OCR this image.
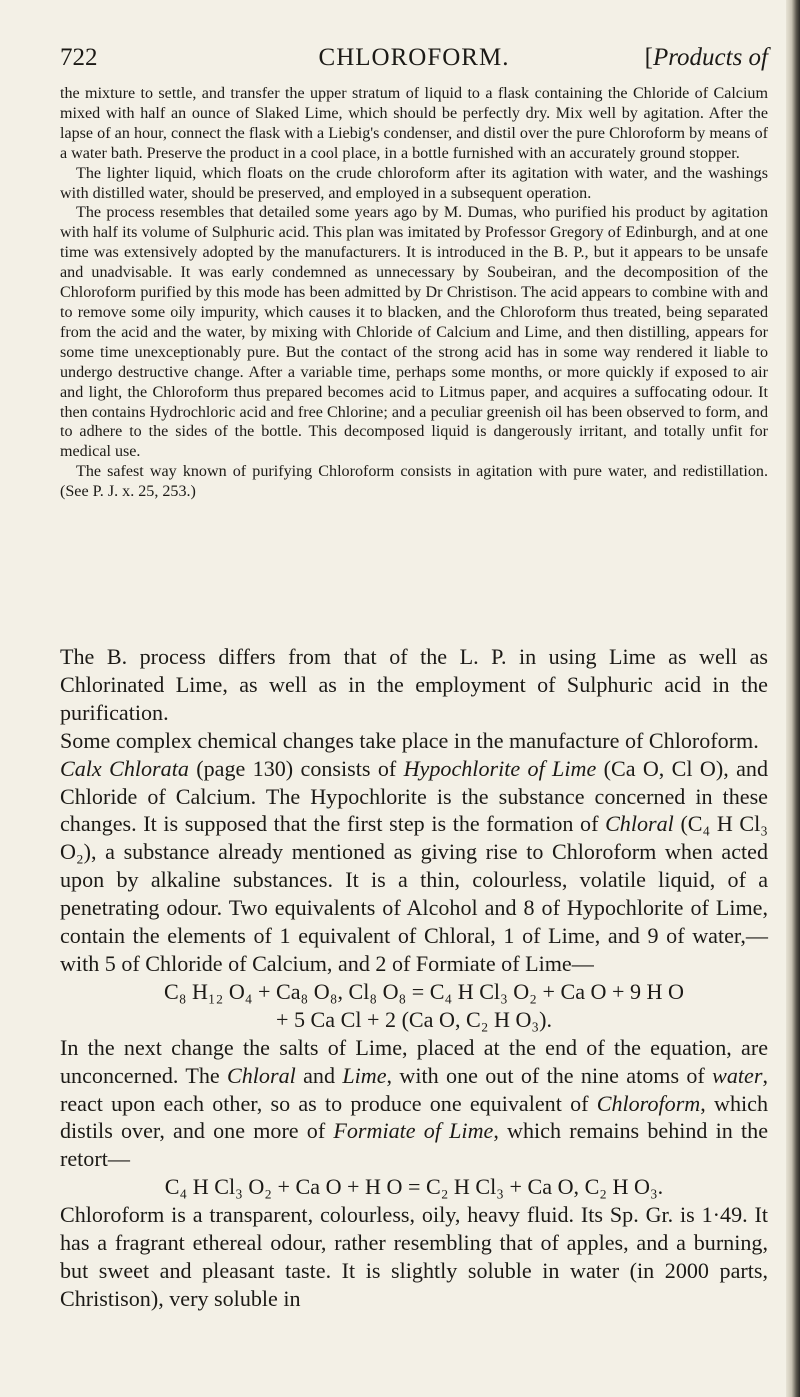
722	CHLOROFORM.	[Products of

the mixture to settle, and transfer the upper stratum of liquid to a flask containing the Chloride of Calcium mixed with half an ounce of Slaked Lime, which should be perfectly dry. Mix well by agitation. After the lapse of an hour, connect the flask with a Liebig's condenser, and distil over the pure Chloroform by means of a water bath. Preserve the product in a cool place, in a bottle furnished with an accurately ground stopper.

The lighter liquid, which floats on the crude chloroform after its agitation with water, and the washings with distilled water, should be preserved, and employed in a subsequent operation.

The process resembles that detailed some years ago by M. Dumas, who purified his product by agitation with half its volume of Sulphuric acid. This plan was imitated by Professor Gregory of Edinburgh, and at one time was extensively adopted by the manufacturers. It is introduced in the B. P., but it appears to be unsafe and unadvisable. It was early condemned as unnecessary by Soubeiran, and the decomposition of the Chloroform purified by this mode has been admitted by Dr Christison. The acid appears to combine with and to remove some oily impurity, which causes it to blacken, and the Chloroform thus treated, being separated from the acid and the water, by mixing with Chloride of Calcium and Lime, and then distilling, appears for some time unexceptionably pure. But the contact of the strong acid has in some way rendered it liable to undergo destructive change. After a variable time, perhaps some months, or more quickly if exposed to air and light, the Chloroform thus prepared becomes acid to Litmus paper, and acquires a suffocating odour. It then contains Hydrochloric acid and free Chlorine; and a peculiar greenish oil has been observed to form, and to adhere to the sides of the bottle. This decomposed liquid is dangerously irritant, and totally unfit for medical use.

The safest way known of purifying Chloroform consists in agitation with pure water, and redistillation. (See P. J. x. 25, 253.)

The B. process differs from that of the L. P. in using Lime as well as Chlorinated Lime, as well as in the employment of Sulphuric acid in the purification.

Some complex chemical changes take place in the manufacture of Chloroform.

Calx Chlorata (page 130) consists of Hypochlorite of Lime (Ca O, Cl O), and Chloride of Calcium. The Hypochlorite is the substance concerned in these changes. It is supposed that the first step is the formation of Chloral (C₄ H Cl₃ O₂), a substance already mentioned as giving rise to Chloroform when acted upon by alkaline substances. It is a thin, colourless, volatile liquid, of a penetrating odour. Two equivalents of Alcohol and 8 of Hypochlorite of Lime, contain the elements of 1 equivalent of Chloral, 1 of Lime, and 9 of water,—with 5 of Chloride of Calcium, and 2 of Formiate of Lime—

C₈ H₁₂ O₄ + Ca₈ O₈, Cl₈ O₈ = C₄ H Cl₃ O₂ + Ca O + 9 H O

+ 5 Ca Cl + 2 (Ca O, C₂ H O₃).

In the next change the salts of Lime, placed at the end of the equation, are unconcerned. The Chloral and Lime, with one out of the nine atoms of water, react upon each other, so as to produce one equivalent of Chloroform, which distils over, and one more of Formiate of Lime, which remains behind in the retort—

C₄ H Cl₃ O₂ + Ca O + H O = C₂ H Cl₃ + Ca O, C₂ H O₃.

Chloroform is a transparent, colourless, oily, heavy fluid. Its Sp. Gr. is 1·49. It has a fragrant ethereal odour, rather resembling that of apples, and a burning, but sweet and pleasant taste. It is slightly soluble in water (in 2000 parts, Christison), very soluble in
